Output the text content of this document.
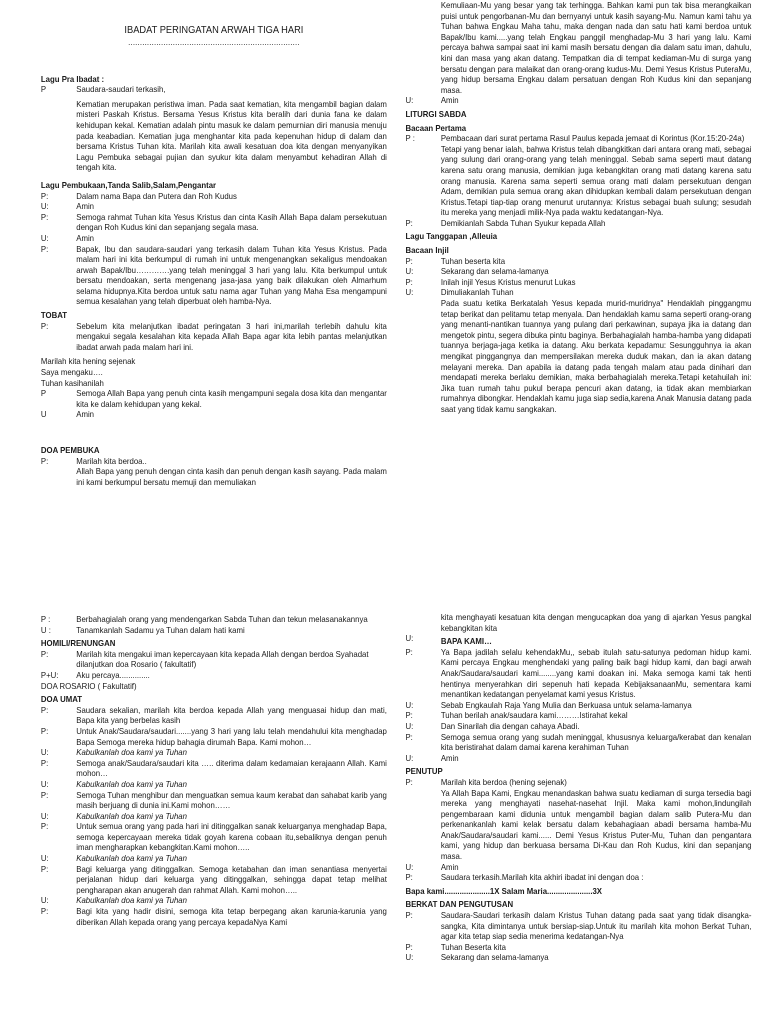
IBADAT PERINGATAN ARWAH TIGA HARI
.........................................................................
Lagu Pra Ibadat :
P	Saudara-saudari terkasih,
Kematian merupakan peristiwa iman. Pada saat kematian, kita mengambil bagian dalam misteri Paskah Kristus. Bersama Yesus Kristus kita beralih dari dunia fana ke dalam kehidupan kekal. Kematian adalah pintu masuk ke dalam pemurnian diri manusia menuju pada keabadian. Kematian juga menghantar kita pada kepenuhan hidup di dalam dan bersama Kristus Tuhan kita. Marilah kita awali kesatuan doa kita dengan menyanyikan Lagu Pembuka sebagai pujian dan syukur kita dalam menyambut kehadiran Allah di tengah kita.
Lagu Pembukaan,Tanda Salib,Salam,Pengantar
P:	Dalam nama Bapa dan Putera dan Roh Kudus
U:	Amin
P:	Semoga rahmat Tuhan kita Yesus Kristus dan cinta Kasih Allah Bapa dalam persekutuan dengan Roh Kudus kini dan sepanjang segala masa.
U:	Amin
P:	Bapak, Ibu dan saudara-saudari yang terkasih dalam Tuhan kita Yesus Kristus. Pada malam hari ini kita berkumpul di rumah ini untuk mengenangkan sekaligus mendoakan arwah Bapak/Ibu………….yang telah meninggal 3 hari yang lalu. Kita berkumpul untuk bersatu mendoakan, serta mengenang jasa-jasa yang baik dilakukan oleh Almarhum selama hidupnya.Kita berdoa untuk satu nama agar Tuhan yang Maha Esa mengampuni semua kesalahan yang telah diperbuat oleh hamba-Nya.
TOBAT
P:	Sebelum kita melanjutkan ibadat peringatan 3 hari ini,marilah terlebih dahulu kita mengakui segala kesalahan kita kepada Allah Bapa agar kita lebih pantas melanjutkan ibadat arwah pada malam hari ini.
Marilah kita hening sejenak
Saya mengaku….
Tuhan kasihanilah
P	Semoga Allah Bapa yang penuh cinta kasih mengampuni segala dosa kita dan mengantar kita ke dalam kehidupan yang kekal.
U	Amin
DOA PEMBUKA
P:	Marilah kita berdoa..
Allah Bapa yang penuh dengan cinta kasih dan penuh dengan kasih sayang. Pada malam ini kami berkumpul bersatu memuji dan memuliakan
Kemuliaan-Mu yang besar yang tak terhingga. Bahkan kami pun tak bisa merangkaikan puisi untuk pengorbanan-Mu dan bernyanyi untuk kasih sayang-Mu. Namun kami tahu ya Tuhan bahwa Engkau Maha tahu, maka dengan nada dan satu hati kami berdoa untuk Bapak/Ibu kami.....yang telah Engkau panggil menghadap-Mu 3 hari yang lalu. Kami percaya bahwa sampai saat ini kami masih bersatu dengan dia dalam satu iman, dahulu, kini dan masa yang akan datang. Tempatkan dia di tempat kediaman-Mu di surga yang bersatu dengan para malaikat dan orang-orang kudus-Mu. Demi Yesus Kristus PuteraMu, yang hidup bersama Engkau dalam persatuan dengan Roh Kudus kini dan sepanjang masa.
U:	Amin
LITURGI SABDA
Bacaan Pertama
P :	Pembacaan dari surat pertama Rasul Paulus kepada jemaat di Korintus (Kor.15:20-24a)
Tetapi yang benar ialah, bahwa Kristus telah dibangkitkan dari antara orang mati, sebagai yang sulung dari orang-orang yang telah meninggal. Sebab sama seperti maut datang karena satu orang manusia, demikian juga kebangkitan orang mati datang karena satu orang manusia. Karena sama seperti semua orang mati dalam persekutuan dengan Adam, demikian pula semua orang akan dihidupkan kembali dalam persekutuan dengan Kristus.Tetapi tiap-tiap orang menurut urutannya: Kristus sebagai buah sulung; sesudah itu mereka yang menjadi milik-Nya pada waktu kedatangan-Nya.
P:	Demikianlah Sabda Tuhan Syukur kepada Allah
Lagu Tanggapan ,Alleuia
Bacaan Injil
P:	Tuhan beserta kita
U:	Sekarang dan selama-lamanya
P:	Inilah injil Yesus Kristus menurut Lukas
U:	Dimuliakanlah Tuhan
Pada suatu ketika Berkatalah Yesus kepada murid-muridnya" Hendaklah pinggangmu tetap berikat dan pelitamu tetap menyala. Dan hendaklah kamu sama seperti orang-orang yang menanti-nantikan tuannya yang pulang dari perkawinan, supaya jika ia datang dan mengetok pintu, segera dibuka pintu baginya. Berbahagialah hamba-hamba yang didapati tuannya berjaga-jaga ketika ia datang. Aku berkata kepadamu: Sesungguhnya ia akan mengikat pinggangnya dan mempersilakan mereka duduk makan, dan ia akan datang melayani mereka. Dan apabila ia datang pada tengah malam atau pada dinihari dan mendapati mereka berlaku demikian, maka berbahagialah mereka.Tetapi ketahuilah ini: Jika tuan rumah tahu pukul berapa pencuri akan datang, ia tidak akan membiarkan rumahnya dibongkar. Hendaklah kamu juga siap sedia,karena Anak Manusia datang pada saat yang tidak kamu sangkakan.
P :	Berbahagialah orang yang mendengarkan Sabda Tuhan dan tekun melasanakannya
U :	Tanamkanlah Sadamu ya Tuhan dalam hati kami
HOMILI/RENUNGAN
P:	Marilah kita mengakui iman kepercayaan kita kepada Allah dengan berdoa Syahadat
dilanjutkan doa Rosario ( fakultatif)
P+U:	Aku percaya..............
DOA ROSARIO ( Fakultatif)
DOA UMAT
P:	Saudara sekalian, marilah kita berdoa kepada Allah yang menguasai hidup dan mati, Bapa kita yang berbelas kasih
P:	Untuk Anak/Saudara/saudari.......yang 3 hari yang lalu telah mendahului kita menghadap Bapa Semoga mereka hidup bahagia dirumah Bapa. Kami mohon…
U:	Kabulkanlah doa kami ya Tuhan
P:	Semoga anak/Saudara/saudari kita ….. diterima dalam kedamaian kerajaann Allah. Kami mohon…
U:	Kabulkanlah doa kami ya Tuhan
P:	Semoga Tuhan menghibur dan menguatkan semua kaum kerabat dan sahabat karib yang masih berjuang di dunia ini.Kami mohon……
U:	Kabulkanlah doa kami ya Tuhan
P:	Untuk semua orang yang pada hari ini ditinggalkan sanak keluarganya menghadap Bapa, semoga kepercayaan mereka tidak goyah karena cobaan itu,sebaliknya dengan penuh iman mengharapkan kebangkitan.Kami mohon…..
U:	Kabulkanlah doa kami ya Tuhan
P:	Bagi keluarga yang ditinggalkan. Semoga ketabahan dan iman senantiasa menyertai perjalanan hidup dari keluarga yang ditinggalkan, sehingga dapat tetap melihat pengharapan akan anugerah dan rahmat Allah. Kami mohon…..
U:	Kabulkanlah doa kami ya Tuhan
P:	Bagi kita yang hadir disini, semoga kita tetap berpegang akan karunia-karunia yang diberikan Allah kepada orang yang percaya kepadaNya Kami
kita menghayati kesatuan kita dengan mengucapkan doa yang di ajarkan Yesus pangkal kebangkitan kita
U:	BAPA KAMI…
P:	Ya Bapa jadilah selalu kehendakMu,, sebab itulah satu-satunya pedoman hidup kami. Kami percaya Engkau menghendaki yang paling baik bagi hidup kami, dan bagi arwah Anak/Saudara/saudari kami........yang kami doakan ini. Maka semoga kami tak henti hentinya menyerahkan diri sepenuh hati kepada KebijaksanaanMu, sementara kami menantikan kedatangan penyelamat kami yesus Kristus.
U:	Sebab Engkaulah Raja Yang Mulia dan Berkuasa untuk selama-lamanya
P:	Tuhan berilah anak/saudara kami………Istirahat kekal
U:	Dan Sinarilah dia dengan cahaya Abadi.
P:	Semoga semua orang yang sudah meninggal, khususnya keluarga/kerabat dan kenalan kita beristirahat dalam damai karena kerahiman Tuhan
U:	Amin
PENUTUP
P:	Marilah kita berdoa (hening sejenak)
Ya Allah Bapa Kami, Engkau menandaskan bahwa suatu kediaman di surga tersedia bagi mereka yang menghayati nasehat-nasehat Injil. Maka kami mohon,lindungilah pengembaraan kami didunia untuk mengambil bagian dalam salib Putera-Mu dan perkenankanlah kami kelak bersatu dalam kebahagiaan abadi bersama hamba-Mu Anak/Saudara/saudari kami...... Demi Yesus Kristus Puter-Mu, Tuhan dan pengantara kami, yang hidup dan berkuasa bersama Di-Kau dan Roh Kudus, kini dan sepanjang masa.
U:	Amin
P:	Saudara terkasih.Marilah kita akhiri ibadat ini dengan doa :
Bapa kami.....................1X Salam Maria.....................3X
BERKAT DAN PENGUTUSAN
P:	Saudara-Saudari terkasih dalam Kristus Tuhan datang pada saat yang tidak disangka-sangka, Kita dimintanya untuk bersiap-siap.Untuk itu marilah kita mohon Berkat Tuhan, agar kita tetap siap sedia menerima kedatangan-Nya
P:	Tuhan Beserta kita
U:	Sekarang dan selama-lamanya
